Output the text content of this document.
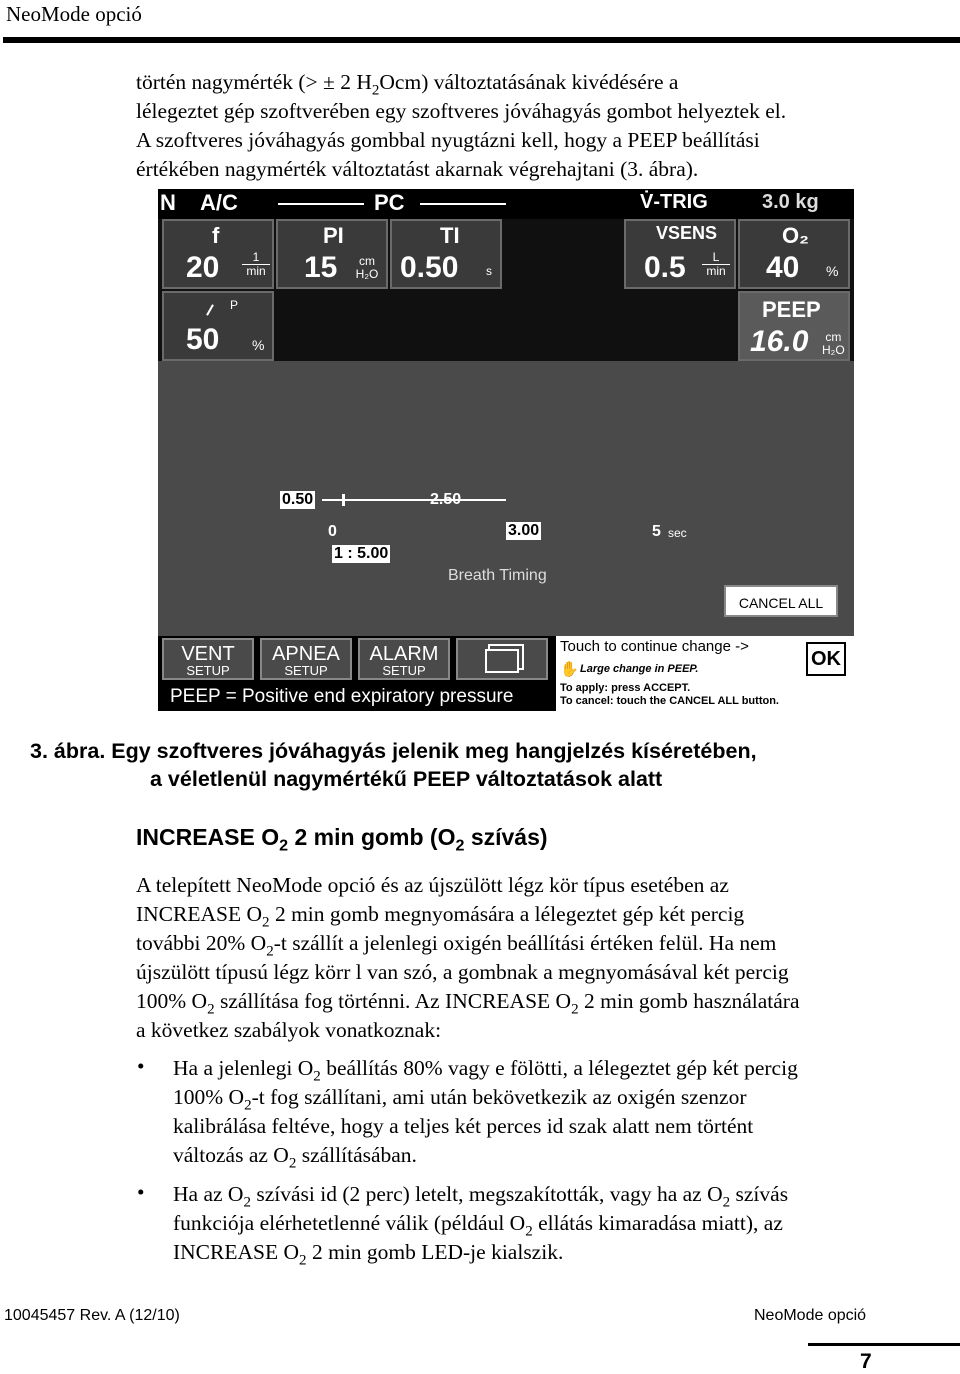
NeoMode opció

történ nagymérték (> ± 2 $H_2Ocm$) változtatásának kivédésére a

lélegeztet gép szoftverében egy szoftveres jóváhagyás gombot helyeztek el.

A szoftveres jóváhagyás gombbal nyugtázni kell, hogy a PEEP beállítási

értékében nagymérték változtatást akarnak végrehajtani (3. ábra).

N A/C	PC	V̇-TRIG	3.0 kg
f
20	1
min
PI
15	cm
H₂O
TI
0.50 s
VSENS
0.5	L
min
O₂
40 %
P
50 %
PEEP
16.0 cm
H₂O
0.50	2.50
0	3.00	5 sec
1 : 5.00
Breath Timing
CANCEL ALL
VENT
SETUP
APNEA
SETUP
ALARM
SETUP
PEEP = Positive end expiratory pressure
Touch to continue change ->
✋ Large change in PEEP.
To apply: press ACCEPT.
To cancel: touch the CANCEL ALL button.
OK
3. ábra. Egy szoftveres jóváhagyás jelenik meg hangjelzés kíséretében,
a véletlenül nagymértékű PEEP változtatások alatt
INCREASE $O_2$ 2 min gomb ($O_2$ szívás)

A telepített NeoMode opció és az újszülött légz kör típus esetében az

INCREASE $O_2$ 2 min gomb megnyomására a lélegeztet gép két percig

további 20% $O_2-t$ szállít a jelenlegi oxigén beállítási értéken felül. Ha nem

újszülött típusú légz körr l van szó, a gombnak a megnyomásával két percig

100% $O_2$ szállítása fog történni. Az INCREASE $O_2$ 2 min gomb használatára

a következ szabályok vonatkoznak:

• Ha a jelenlegi $O_2$ beállítás 80% vagy e fölötti, a lélegeztet gép két percig

100% $O_2-t$ fog szállítani, ami után bekövetkezik az oxigén szenzor

kalibrálása feltéve, hogy a teljes két perces id szak alatt nem történt

változás az $O_2$ szállításában.

• Ha az $O_2$ szívási id (2 perc) letelt, megszakították, vagy ha az $O_2$ szívás

funkciója elérhetetlenné válik (például $O_2$ ellátás kimaradása miatt), az

INCREASE $O_2$ 2 min gomb LED-je kialszik.

10045457 Rev. A (12/10)	NeoMode opció
7
